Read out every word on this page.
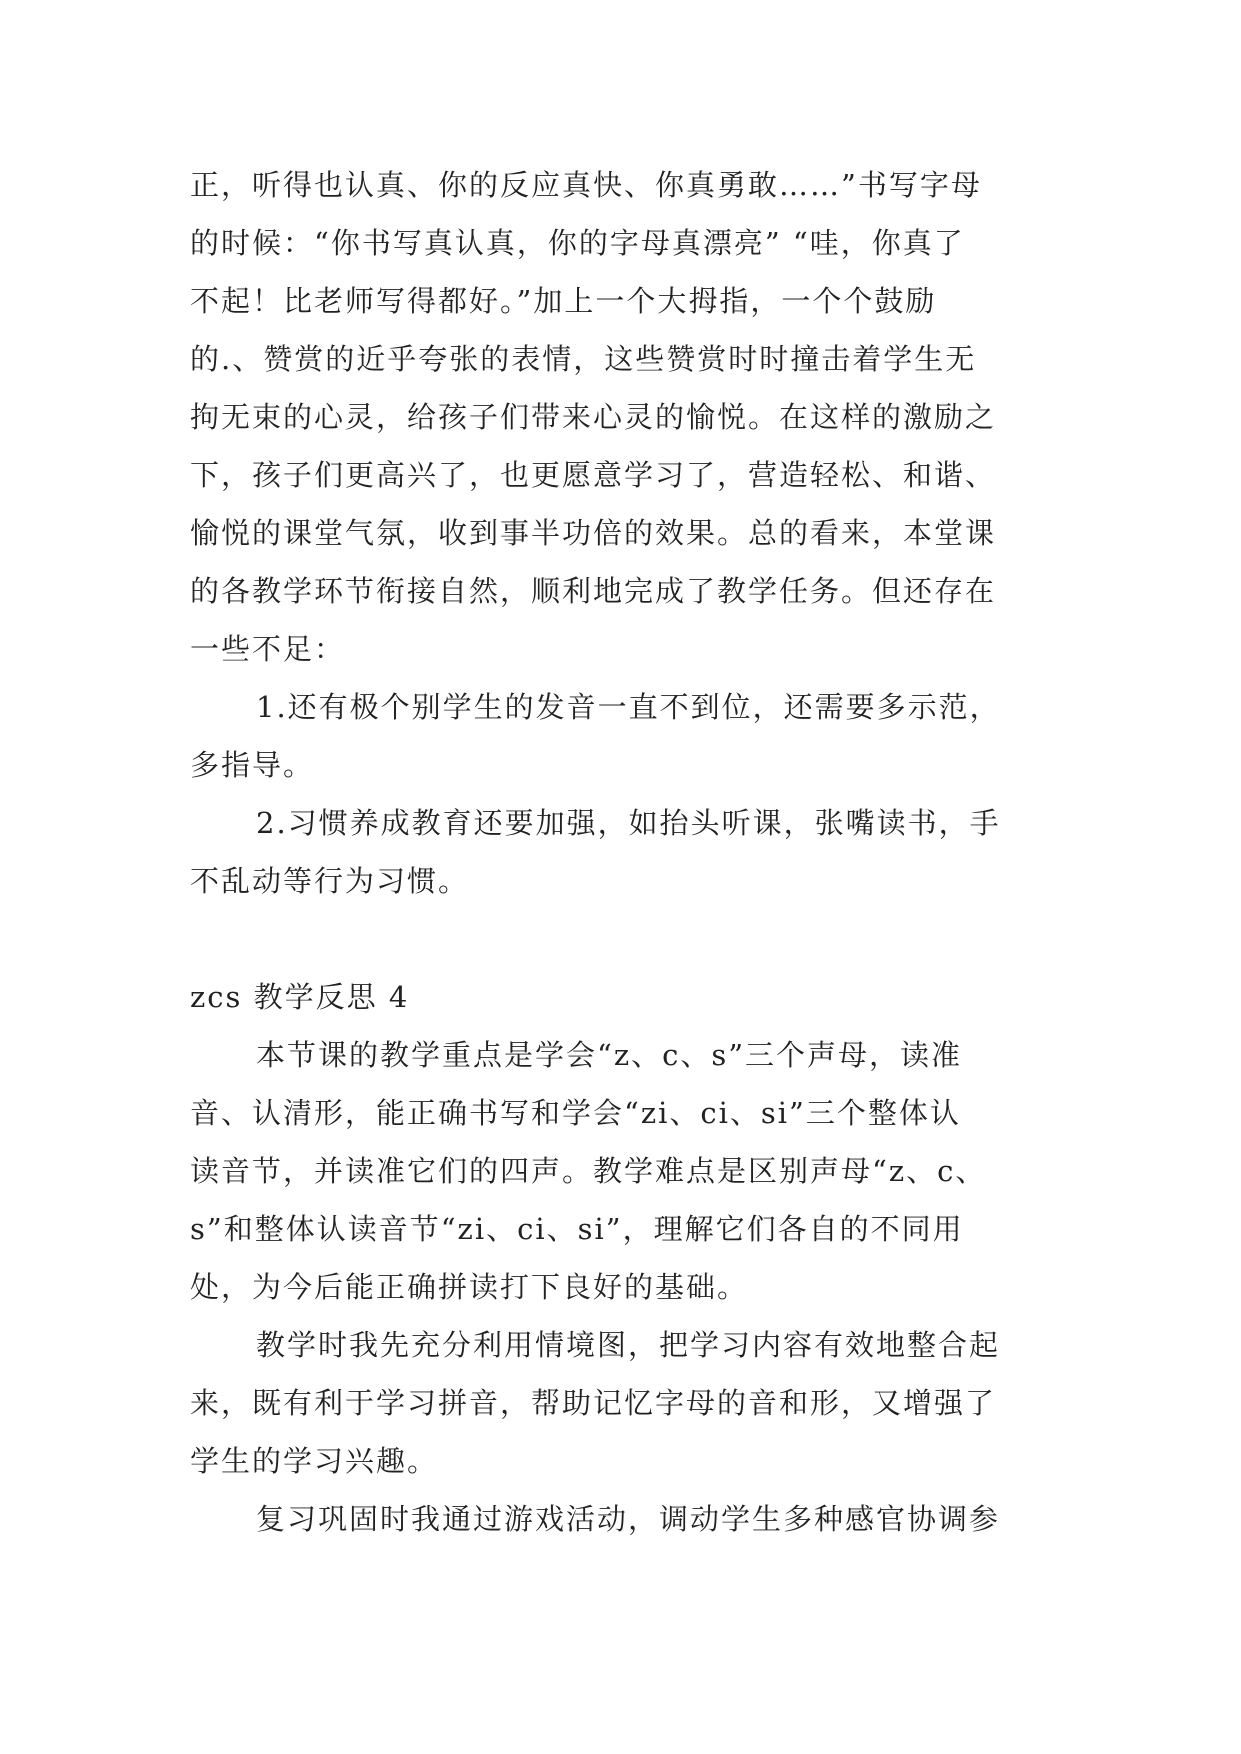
正，听得也认真、你的反应真快、你真勇敢……”书写字母
的时候：“你书写真认真，你的字母真漂亮” “哇，你真了
不起！比老师写得都好。”加上一个大拇指，一个个鼓励
的.、赞赏的近乎夸张的表情，这些赞赏时时撞击着学生无
拘无束的心灵，给孩子们带来心灵的愉悦。在这样的激励之
下，孩子们更高兴了，也更愿意学习了，营造轻松、和谐、
愉悦的课堂气氛，收到事半功倍的效果。总的看来，本堂课
的各教学环节衔接自然，顺利地完成了教学任务。但还存在
一些不足：
1.还有极个别学生的发音一直不到位，还需要多示范，
多指导。
2.习惯养成教育还要加强，如抬头听课，张嘴读书，手
不乱动等行为习惯。
zcs 教学反思 4
本节课的教学重点是学会“z、c、s”三个声母，读准
音、认清形，能正确书写和学会“zi、ci、si”三个整体认
读音节，并读准它们的四声。教学难点是区别声母“z、c、
s”和整体认读音节“zi、ci、si”，理解它们各自的不同用
处，为今后能正确拼读打下良好的基础。
教学时我先充分利用情境图，把学习内容有效地整合起
来，既有利于学习拼音，帮助记忆字母的音和形，又增强了
学生的学习兴趣。
复习巩固时我通过游戏活动，调动学生多种感官协调参
